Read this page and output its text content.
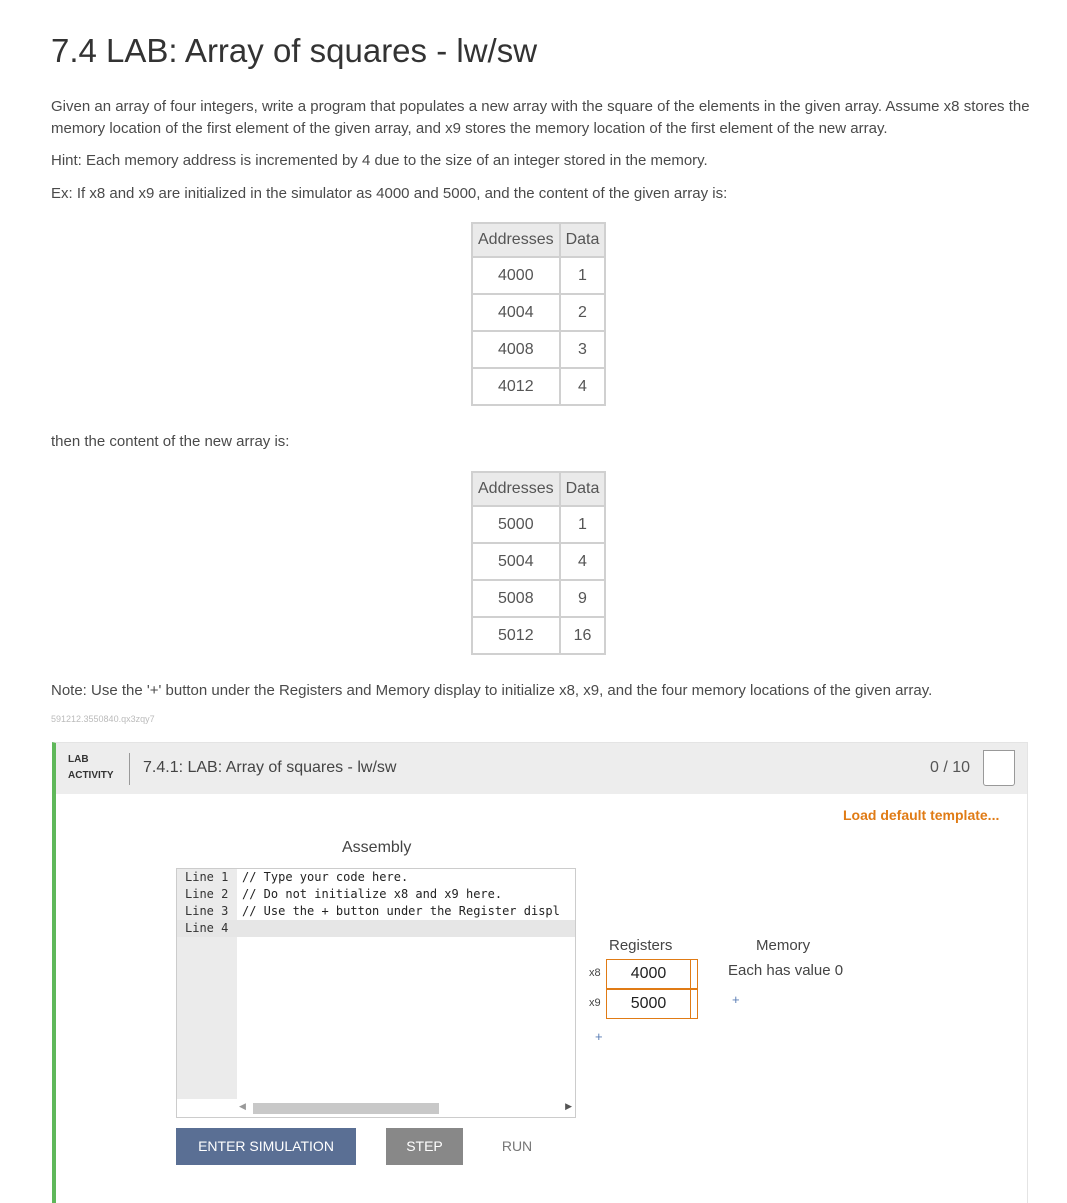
7.4 LAB: Array of squares - lw/sw

Given an array of four integers, write a program that populates a new array with the square of the elements in the given array. Assume x8 stores the memory location of the first element of the given array, and x9 stores the memory location of the first element of the new array.

Hint: Each memory address is incremented by 4 due to the size of an integer stored in the memory.

Ex: If x8 and x9 are initialized in the simulator as 4000 and 5000, and the content of the given array is:

Addresses	Data
4000	1
4004	2
4008	3
4012	4

then the content of the new array is:

Addresses	Data
5000	1
5004	4
5008	9
5012	16

Note: Use the '+' button under the Registers and Memory display to initialize x8, x9, and the four memory locations of the given array.

591212.3550840.qx3zqy7

LAB
ACTIVITY 7.4.1: LAB: Array of squares - lw/sw	0 / 10
Load default template...
Assembly

Line 1

// Type your code here.

Line 2

// Do not initialize x8 and x9 here.

Line 3

// Use the + button under the Register displ

Line 4

◀	▶
Registers	Memory
Each has value 0
x8	4000
x9	5000
+
+
ENTER SIMULATION	STEP	RUN
